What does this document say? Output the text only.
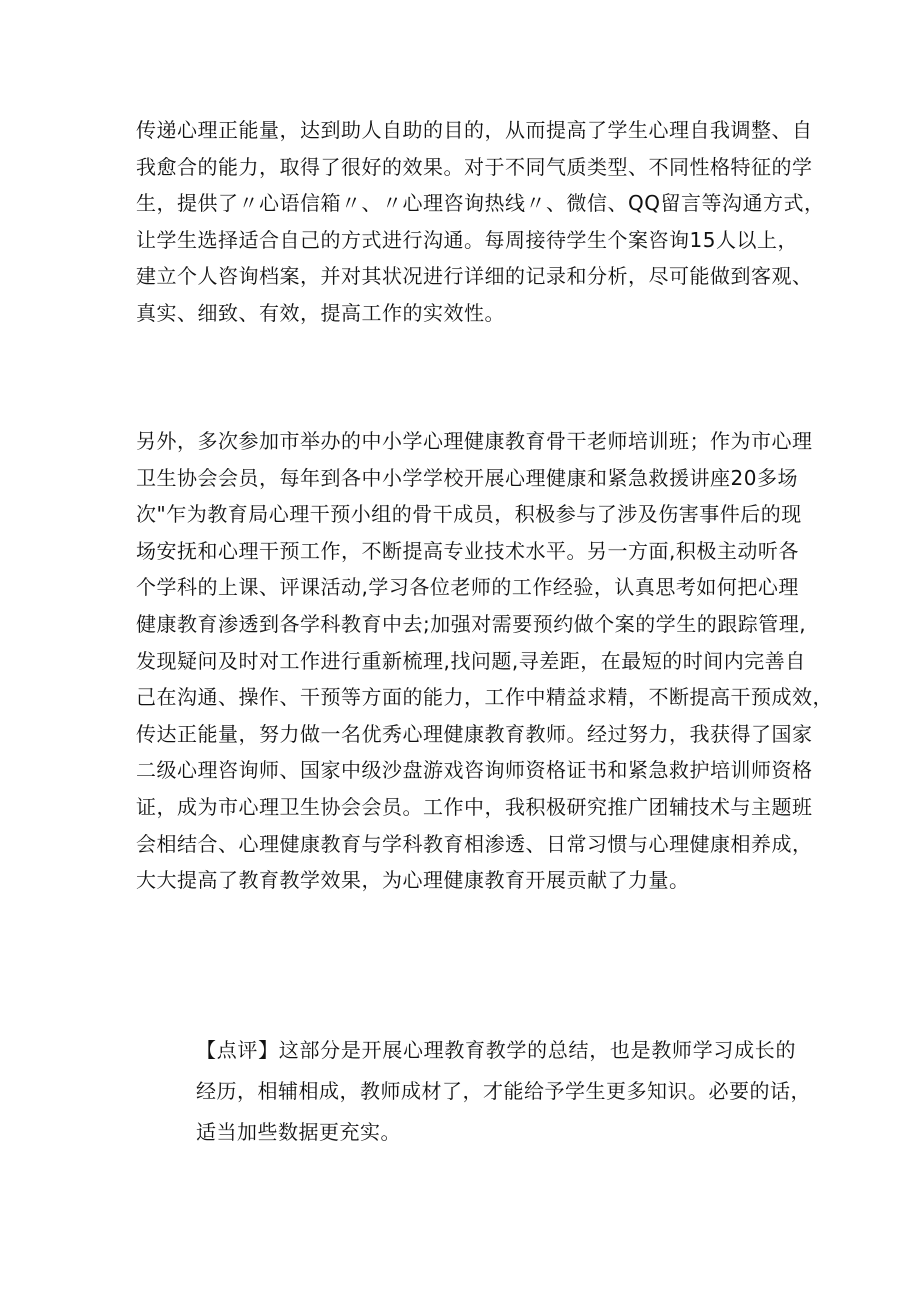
传递心理正能量，达到助人自助的目的，从而提高了学生心理自我调整、自
我愈合的能力，取得了很好的效果。对于不同气质类型、不同性格特征的学
生，提供了〃心语信箱〃、〃心理咨询热线〃、微信、QQ留言等沟通方式，
让学生选择适合自己的方式进行沟通。每周接待学生个案咨询15人以上，
建立个人咨询档案，并对其状况进行详细的记录和分析，尽可能做到客观、
真实、细致、有效，提高工作的实效性。

另外，多次参加市举办的中小学心理健康教育骨干老师培训班；作为市心理
卫生协会会员，每年到各中小学学校开展心理健康和紧急救援讲座20多场
次"乍为教育局心理干预小组的骨干成员，积极参与了涉及伤害事件后的现
场安抚和心理干预工作，不断提高专业技术水平。另一方面,积极主动听各
个学科的上课、评课活动,学习各位老师的工作经验，认真思考如何把心理
健康教育渗透到各学科教育中去;加强对需要预约做个案的学生的跟踪管理,
发现疑问及时对工作进行重新梳理,找问题,寻差距，在最短的时间内完善自
己在沟通、操作、干预等方面的能力，工作中精益求精，不断提高干预成效，
传达正能量，努力做一名优秀心理健康教育教师。经过努力，我获得了国家
二级心理咨询师、国家中级沙盘游戏咨询师资格证书和紧急救护培训师资格
证，成为市心理卫生协会会员。工作中，我积极研究推广团辅技术与主题班
会相结合、心理健康教育与学科教育相渗透、日常习惯与心理健康相养成，
大大提高了教育教学效果，为心理健康教育开展贡献了力量。

【点评】这部分是开展心理教育教学的总结，也是教师学习成长的
经历，相辅相成，教师成材了，才能给予学生更多知识。必要的话，
适当加些数据更充实。
